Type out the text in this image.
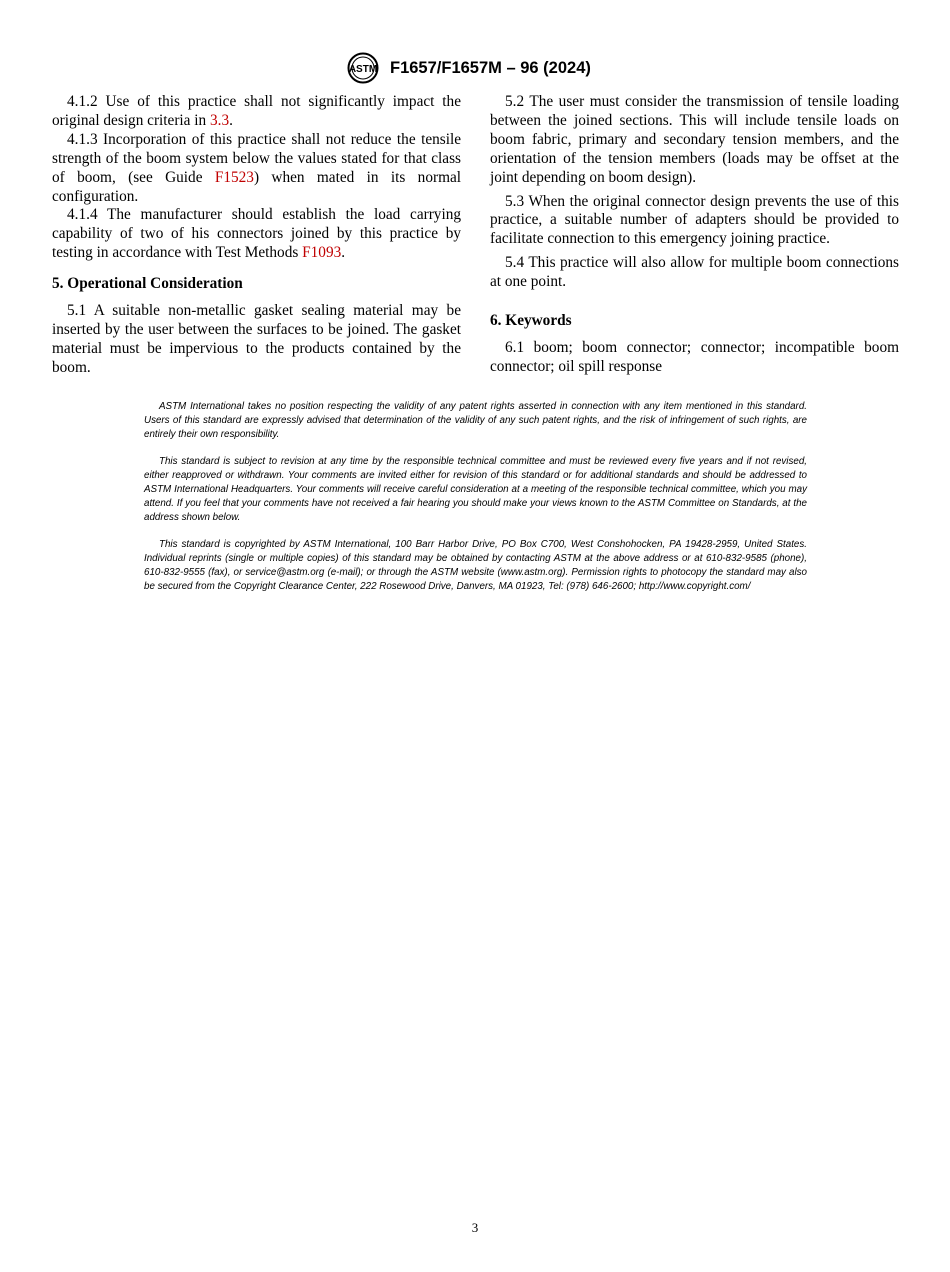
ASTM F1657/F1657M – 96 (2024)

4.1.2 Use of this practice shall not significantly impact the original design criteria in 3.3.

4.1.3 Incorporation of this practice shall not reduce the tensile strength of the boom system below the values stated for that class of boom, (see Guide F1523) when mated in its normal configuration.

4.1.4 The manufacturer should establish the load carrying capability of two of his connectors joined by this practice by testing in accordance with Test Methods F1093.

5. Operational Consideration

5.1 A suitable non-metallic gasket sealing material may be inserted by the user between the surfaces to be joined. The gasket material must be impervious to the products contained by the boom.

5.2 The user must consider the transmission of tensile loading between the joined sections. This will include tensile loads on boom fabric, primary and secondary tension members, and the orientation of the tension members (loads may be offset at the joint depending on boom design).

5.3 When the original connector design prevents the use of this practice, a suitable number of adapters should be provided to facilitate connection to this emergency joining practice.

5.4 This practice will also allow for multiple boom connections at one point.

6. Keywords

6.1 boom; boom connector; connector; incompatible boom connector; oil spill response

ASTM International takes no position respecting the validity of any patent rights asserted in connection with any item mentioned in this standard. Users of this standard are expressly advised that determination of the validity of any such patent rights, and the risk of infringement of such rights, are entirely their own responsibility.

This standard is subject to revision at any time by the responsible technical committee and must be reviewed every five years and if not revised, either reapproved or withdrawn. Your comments are invited either for revision of this standard or for additional standards and should be addressed to ASTM International Headquarters. Your comments will receive careful consideration at a meeting of the responsible technical committee, which you may attend. If you feel that your comments have not received a fair hearing you should make your views known to the ASTM Committee on Standards, at the address shown below.

This standard is copyrighted by ASTM International, 100 Barr Harbor Drive, PO Box C700, West Conshohocken, PA 19428-2959, United States. Individual reprints (single or multiple copies) of this standard may be obtained by contacting ASTM at the above address or at 610-832-9585 (phone), 610-832-9555 (fax), or service@astm.org (e-mail); or through the ASTM website (www.astm.org). Permission rights to photocopy the standard may also be secured from the Copyright Clearance Center, 222 Rosewood Drive, Danvers, MA 01923, Tel: (978) 646-2600; http://www.copyright.com/

3
